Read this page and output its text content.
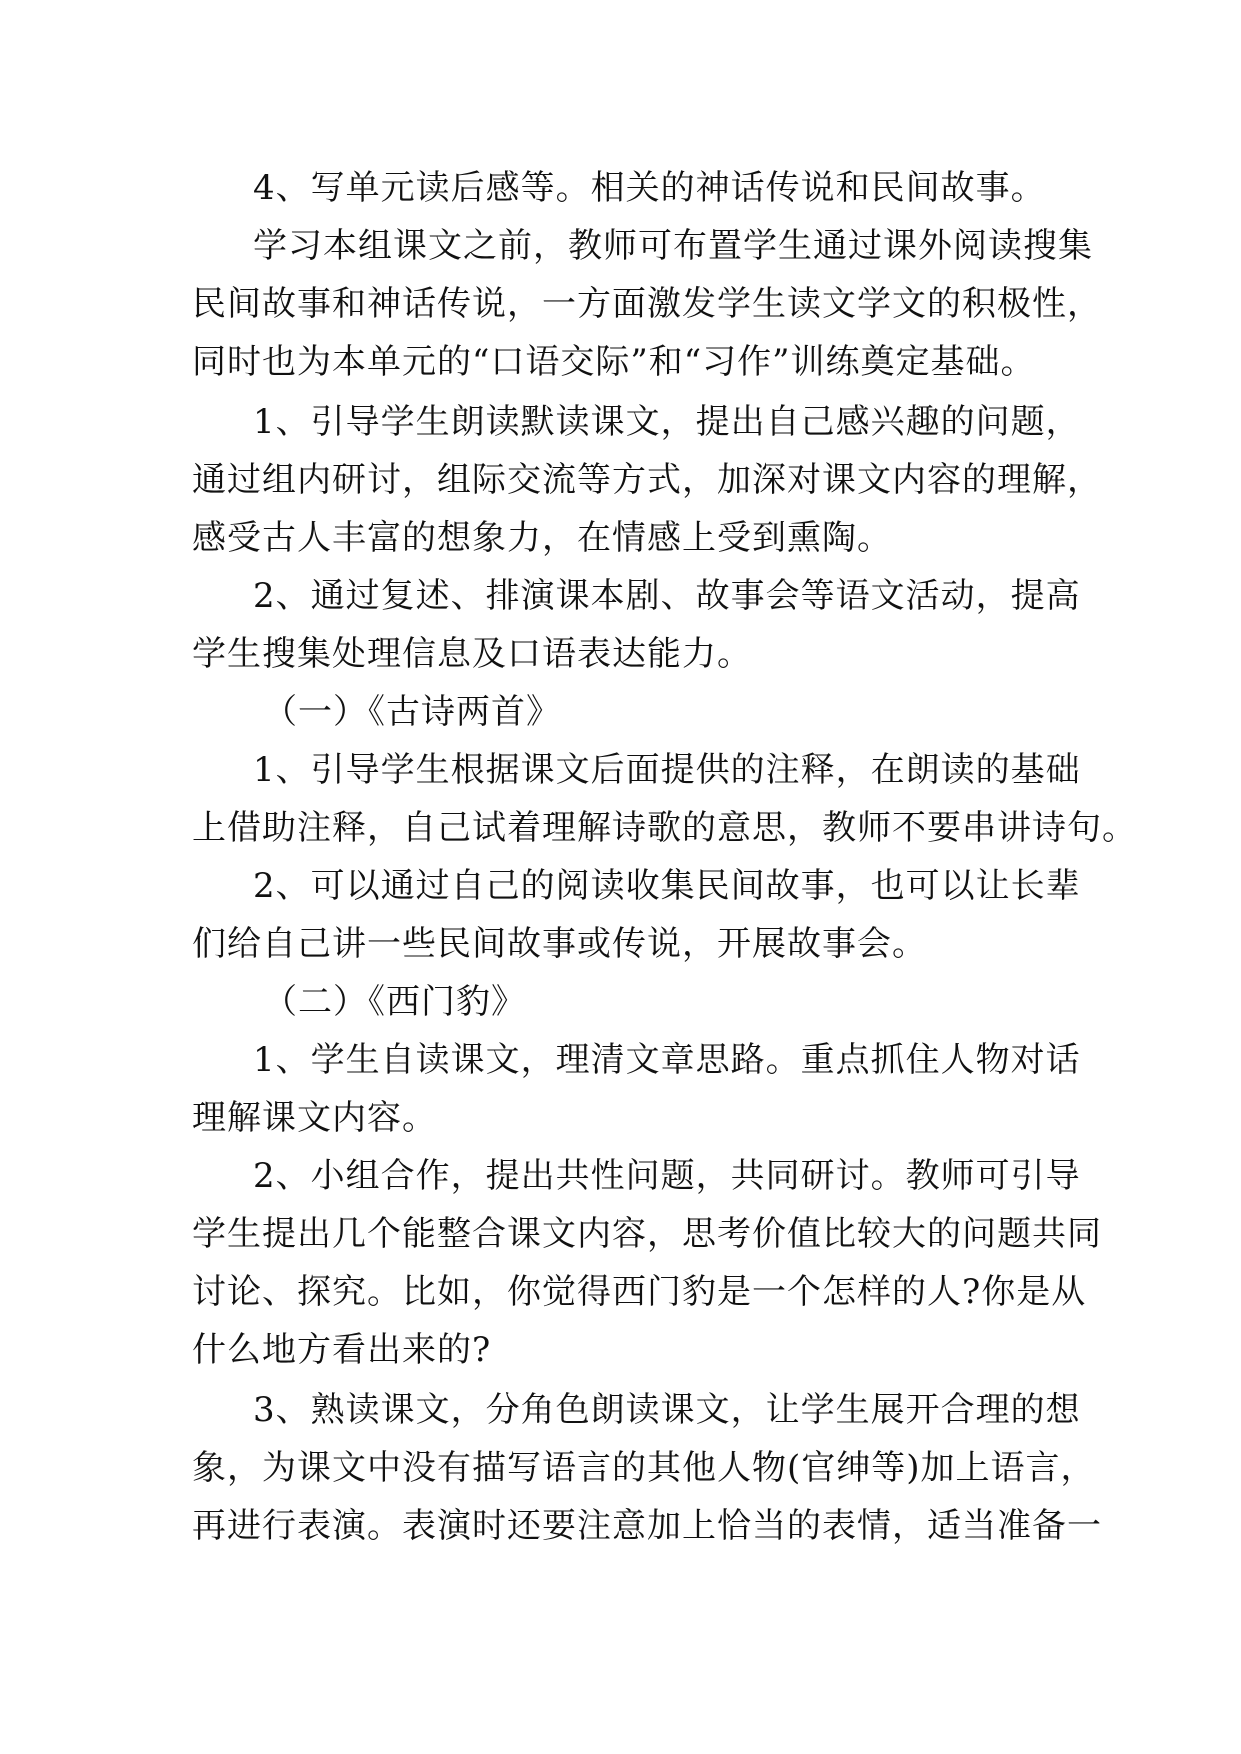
4、写单元读后感等。相关的神话传说和民间故事。
学习本组课文之前，教师可布置学生通过课外阅读搜集
民间故事和神话传说，一方面激发学生读文学文的积极性，
同时也为本单元的“口语交际”和“习作”训练奠定基础。
1、引导学生朗读默读课文，提出自己感兴趣的问题，
通过组内研讨，组际交流等方式，加深对课文内容的理解，
感受古人丰富的想象力，在情感上受到熏陶。
2、通过复述、排演课本剧、故事会等语文活动，提高
学生搜集处理信息及口语表达能力。
（一）《古诗两首》
1、引导学生根据课文后面提供的注释，在朗读的基础
上借助注释，自己试着理解诗歌的意思，教师不要串讲诗句。
2、可以通过自己的阅读收集民间故事，也可以让长辈
们给自己讲一些民间故事或传说，开展故事会。
（二）《西门豹》
1、学生自读课文，理清文章思路。重点抓住人物对话
理解课文内容。
2、小组合作，提出共性问题，共同研讨。教师可引导
学生提出几个能整合课文内容，思考价值比较大的问题共同
讨论、探究。比如，你觉得西门豹是一个怎样的人?你是从
什么地方看出来的?
3、熟读课文，分角色朗读课文，让学生展开合理的想
象，为课文中没有描写语言的其他人物(官绅等)加上语言，
再进行表演。表演时还要注意加上恰当的表情，适当准备一
